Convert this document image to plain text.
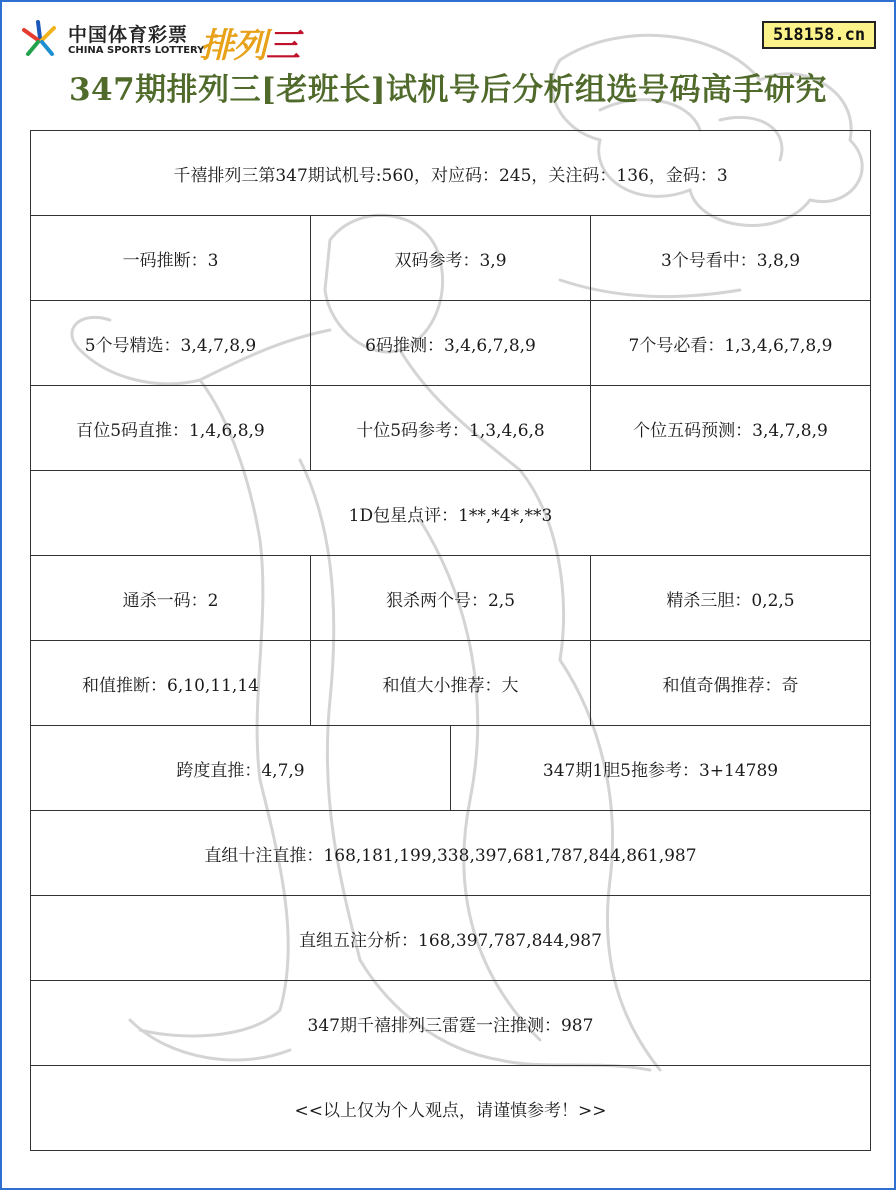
中国体育彩票
CHINA SPORTS LOTTERY
排列三	518158.cn
347期排列三[老班长]试机号后分析组选号码高手研究
千禧排列三第347期试机号:560，对应码：245，关注码：136，金码：3
一码推断：3	双码参考：3,9	3个号看中：3,8,9
5个号精选：3,4,7,8,9	6码推测：3,4,6,7,8,9	7个号必看：1,3,4,6,7,8,9
百位5码直推：1,4,6,8,9	十位5码参考：1,3,4,6,8	个位五码预测：3,4,7,8,9
1D包星点评：1**,*4*,**3
通杀一码：2	狠杀两个号：2,5	精杀三胆：0,2,5
和值推断：6,10,11,14	和值大小推荐：大	和值奇偶推荐：奇
跨度直推：4,7,9	347期1胆5拖参考：3+14789
直组十注直推：168,181,199,338,397,681,787,844,861,987
直组五注分析：168,397,787,844,987
347期千禧排列三雷霆一注推测：987
<<以上仅为个人观点，请谨慎参考！>>
